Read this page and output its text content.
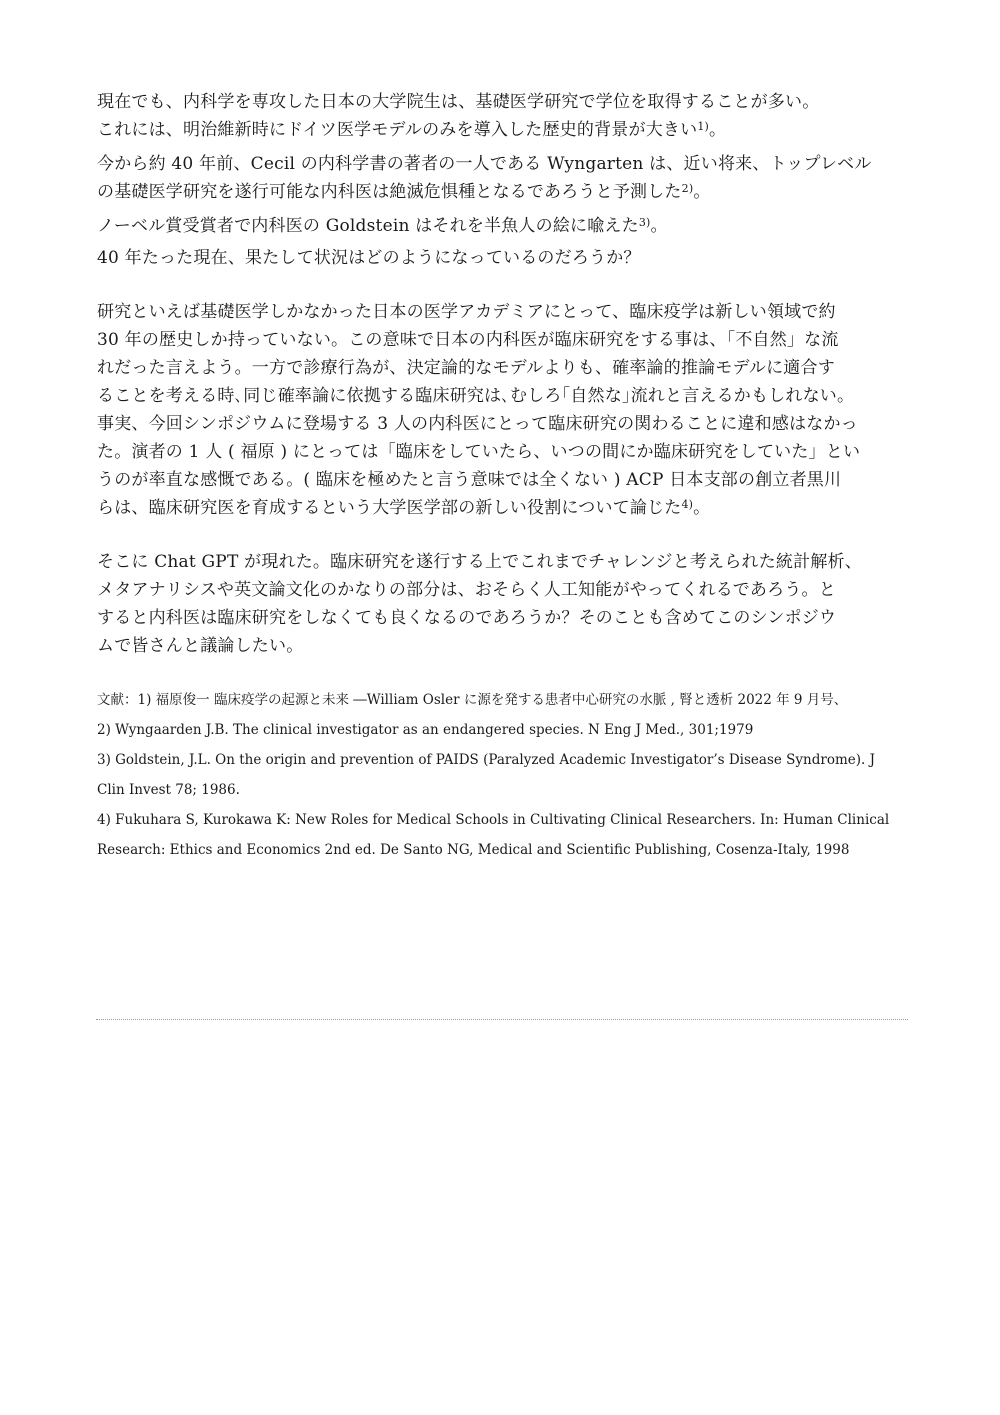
現在でも、内科学を専攻した日本の大学院生は、基礎医学研究で学位を取得することが多い。
これには、明治維新時にドイツ医学モデルのみを導入した歴史的背景が大きい$^{1)}$。
今から約 40 年前、Cecil の内科学書の著者の一人である Wyngarten は、近い将来、トップレベル
の基礎医学研究を遂行可能な内科医は絶滅危惧種となるであろうと予測した$^{2)}$。
ノーベル賞受賞者で内科医の Goldstein はそれを半魚人の絵に喩えた$^{3)}$。
40 年たった現在、果たして状況はどのようになっているのだろうか？
研究といえば基礎医学しかなかった日本の医学アカデミアにとって、臨床疫学は新しい領域で約
30 年の歴史しか持っていない。この意味で日本の内科医が臨床研究をする事は、「不自然」な流
れだった言えよう。一方で診療行為が、決定論的なモデルよりも、確率論的推論モデルに適合す
ることを考える時､同じ確率論に依拠する臨床研究は､むしろ｢自然な｣流れと言えるかもしれない｡
事実、今回シンポジウムに登場する 3 人の内科医にとって臨床研究の関わることに違和感はなかっ
た。演者の 1 人 ( 福原 ) にとっては「臨床をしていたら、いつの間にか臨床研究をしていた」とい
うのが率直な感慨である。( 臨床を極めたと言う意味では全くない ) ACP 日本支部の創立者黒川
らは、臨床研究医を育成するという大学医学部の新しい役割について論じた$^{4)}$。
そこに Chat GPT が現れた。臨床研究を遂行する上でこれまでチャレンジと考えられた統計解析、
メタアナリシスや英文論文化のかなりの部分は、おそらく人工知能がやってくれるであろう。と
すると内科医は臨床研究をしなくても良くなるのであろうか？そのことも含めてこのシンポジウ
ムで皆さんと議論したい。
文献：1) 福原俊一 臨床疫学の起源と未来 ―William Osler に源を発する患者中心研究の水脈 , 腎と透析 2022 年 9 月号、
2) Wyngaarden J.B. The clinical investigator as an endangered species. N Eng J Med., 301;1979
3) Goldstein, J.L. On the origin and prevention of PAIDS (Paralyzed Academic Investigator’s Disease Syndrome). J
Clin Invest 78; 1986.
4) Fukuhara S, Kurokawa K: New Roles for Medical Schools in Cultivating Clinical Researchers. In: Human Clinical
Research: Ethics and Economics 2nd ed. De Santo NG, Medical and Scientific Publishing, Cosenza-Italy, 1998
